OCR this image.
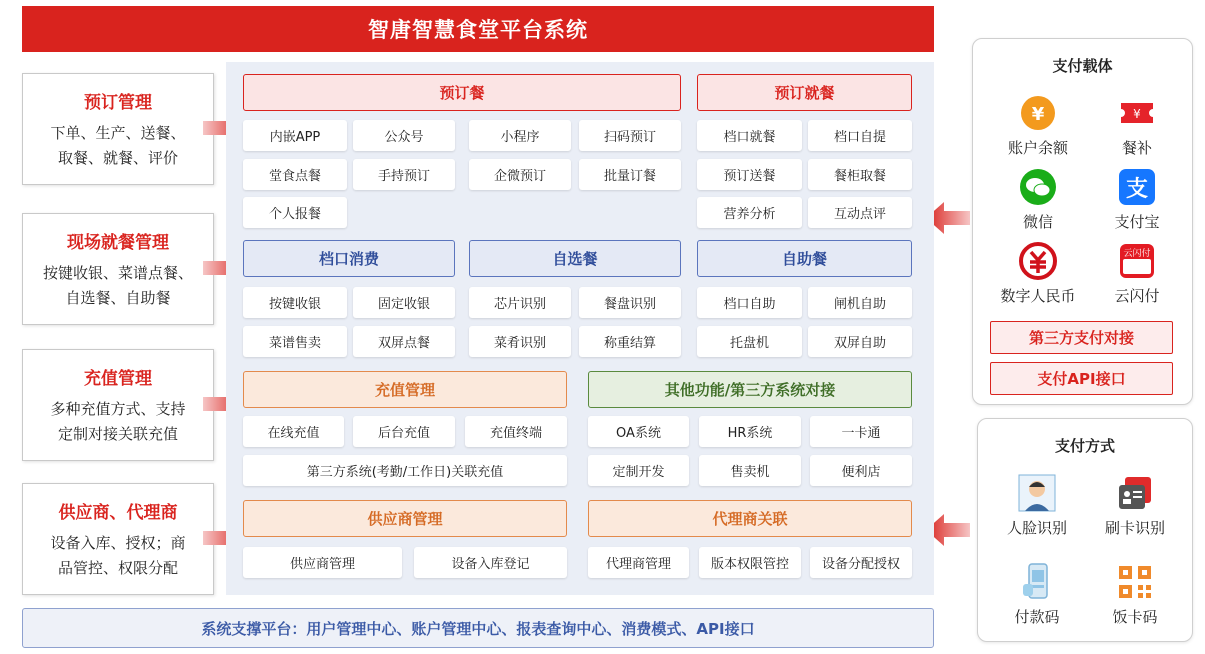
智唐智慧食堂平台系统
预订管理
下单、生产、送餐、
取餐、就餐、评价
现场就餐管理
按键收银、菜谱点餐、
自选餐、自助餐
充值管理
多种充值方式、支持
定制对接关联充值
供应商、代理商
设备入库、授权；商
品管控、权限分配
预订餐
内嵌APP	公众号	小程序	扫码预订
堂食点餐	手持预订	企微预订	批量订餐
个人报餐
预订就餐
档口就餐	档口自提
预订送餐	餐柜取餐
营养分析	互动点评
档口消费	自选餐	自助餐
按键收银	固定收银
菜谱售卖	双屏点餐
芯片识别	餐盘识别
菜肴识别	称重结算
档口自助	闸机自助
托盘机	双屏自助
充值管理
在线充值	后台充值	充值终端
第三方系统(考勤/工作日)关联充值
其他功能/第三方系统对接
OA系统	HR系统	一卡通
定制开发	售卖机	便利店
供应商管理
供应商管理	设备入库登记
代理商关联
代理商管理	版本权限管控	设备分配授权
系统支撑平台：用户管理中心、账户管理中心、报表查询中心、消费模式、API接口
支付载体
¥
账户余额
¥
餐补
微信
支
支付宝
数字人民币
云闪付
云闪付
第三方支付对接
支付API接口
支付方式
人脸识别	刷卡识别
付款码	饭卡码
